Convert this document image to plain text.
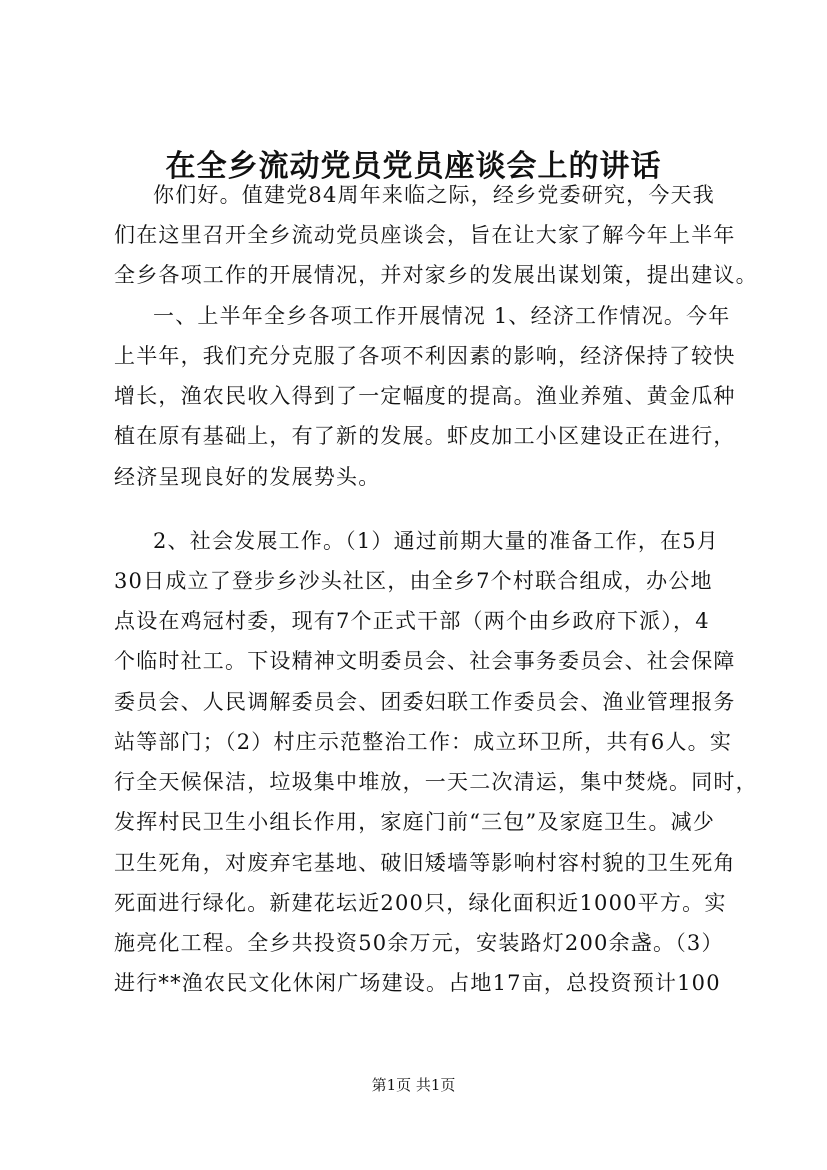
在全乡流动党员党员座谈会上的讲话
你们好。值建党84周年来临之际，经乡党委研究，今天我
们在这里召开全乡流动党员座谈会，旨在让大家了解今年上半年
全乡各项工作的开展情况，并对家乡的发展出谋划策，提出建议。
一、上半年全乡各项工作开展情况 1、经济工作情况。今年
上半年，我们充分克服了各项不利因素的影响，经济保持了较快
增长，渔农民收入得到了一定幅度的提高。渔业养殖、黄金瓜种
植在原有基础上，有了新的发展。虾皮加工小区建设正在进行，
经济呈现良好的发展势头。
2、社会发展工作。（1）通过前期大量的准备工作，在5月
30日成立了登步乡沙头社区，由全乡7个村联合组成，办公地
点设在鸡冠村委，现有7个正式干部（两个由乡政府下派），4
个临时社工。下设精神文明委员会、社会事务委员会、社会保障
委员会、人民调解委员会、团委妇联工作委员会、渔业管理报务
站等部门；（2）村庄示范整治工作：成立环卫所，共有6人。实
行全天候保洁，垃圾集中堆放，一天二次清运，集中焚烧。同时，
发挥村民卫生小组长作用，家庭门前“三包”及家庭卫生。减少
卫生死角，对废弃宅基地、破旧矮墙等影响村容村貌的卫生死角
死面进行绿化。新建花坛近200只，绿化面积近1000平方。实
施亮化工程。全乡共投资50余万元，安装路灯200余盏。（3）
进行**渔农民文化休闲广场建设。占地17亩，总投资预计100
第1页 共1页
